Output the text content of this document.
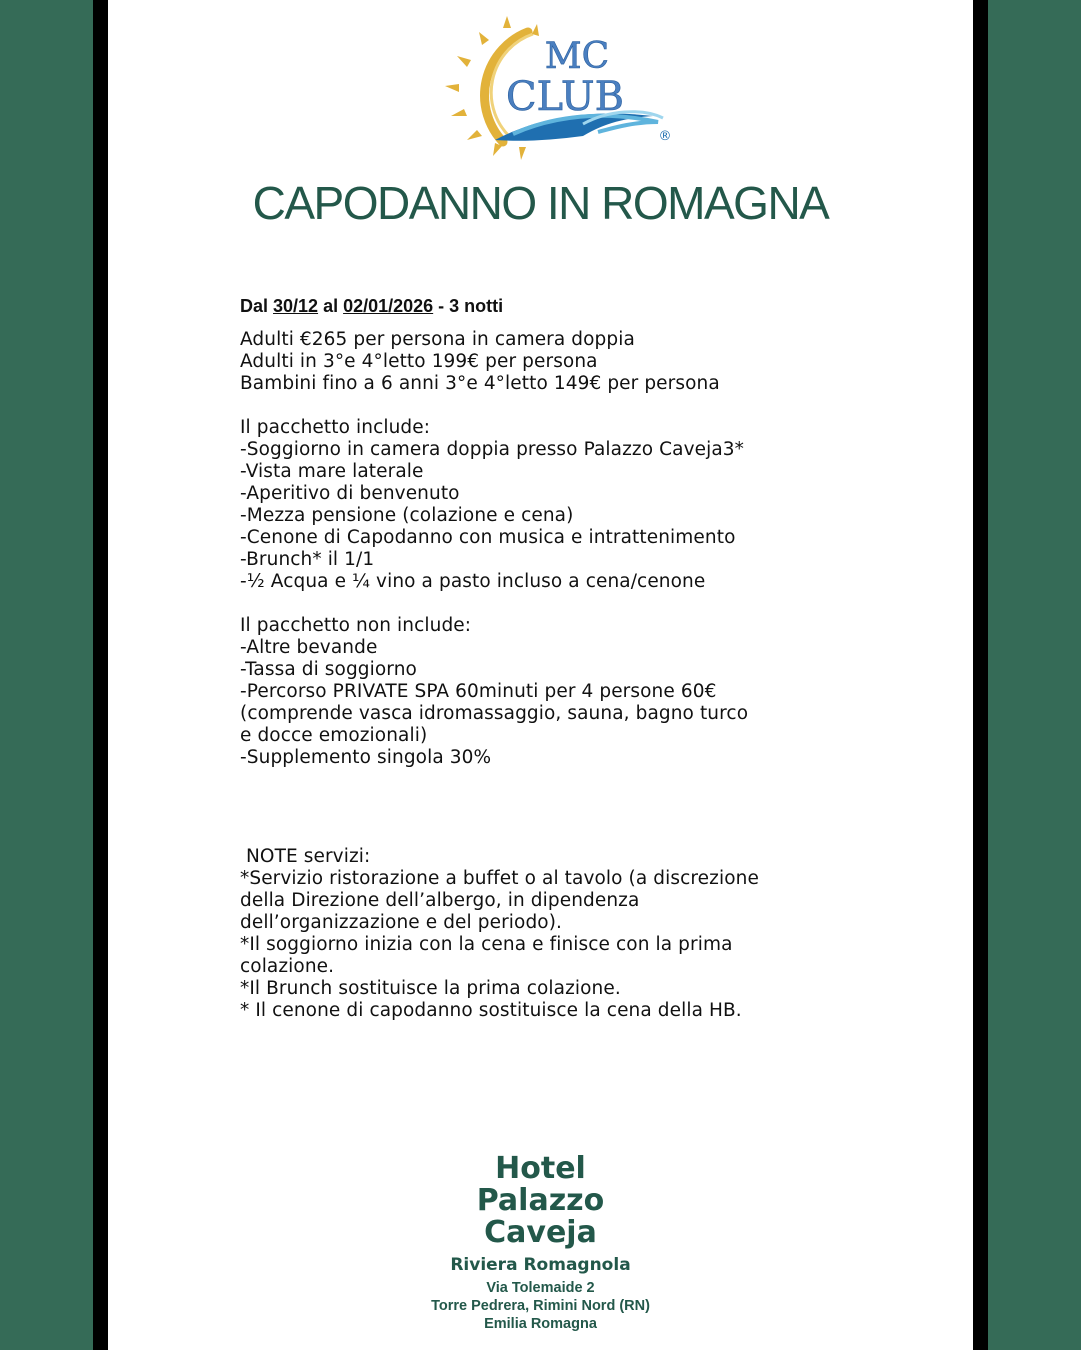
MC
CLUB
®
CAPODANNO IN ROMAGNA
Dal 30/12 al 02/01/2026 - 3 notti
Adulti €265 per persona in camera doppia
Adulti in 3°e 4°letto 199€ per persona
Bambini fino a 6 anni 3°e 4°letto 149€ per persona
Il pacchetto include:
-Soggiorno in camera doppia presso Palazzo Caveja3*
-Vista mare laterale
-Aperitivo di benvenuto
-Mezza pensione (colazione e cena)
-Cenone di Capodanno con musica e intrattenimento
-Brunch* il 1/1
-½ Acqua e ¼ vino a pasto incluso a cena/cenone
Il pacchetto non include:
-Altre bevande
-Tassa di soggiorno
-Percorso PRIVATE SPA 60minuti per 4 persone 60€
(comprende vasca idromassaggio, sauna, bagno turco
e docce emozionali)
-Supplemento singola 30%
NOTE servizi:
*Servizio ristorazione a buffet o al tavolo (a discrezione
della Direzione dell’albergo, in dipendenza
dell’organizzazione e del periodo).
*Il soggiorno inizia con la cena e finisce con la prima
colazione.
*Il Brunch sostituisce la prima colazione.
* Il cenone di capodanno sostituisce la cena della HB.
Hotel
Palazzo
Caveja
Riviera Romagnola
Via Tolemaide 2
Torre Pedrera, Rimini Nord (RN)
Emilia Romagna
